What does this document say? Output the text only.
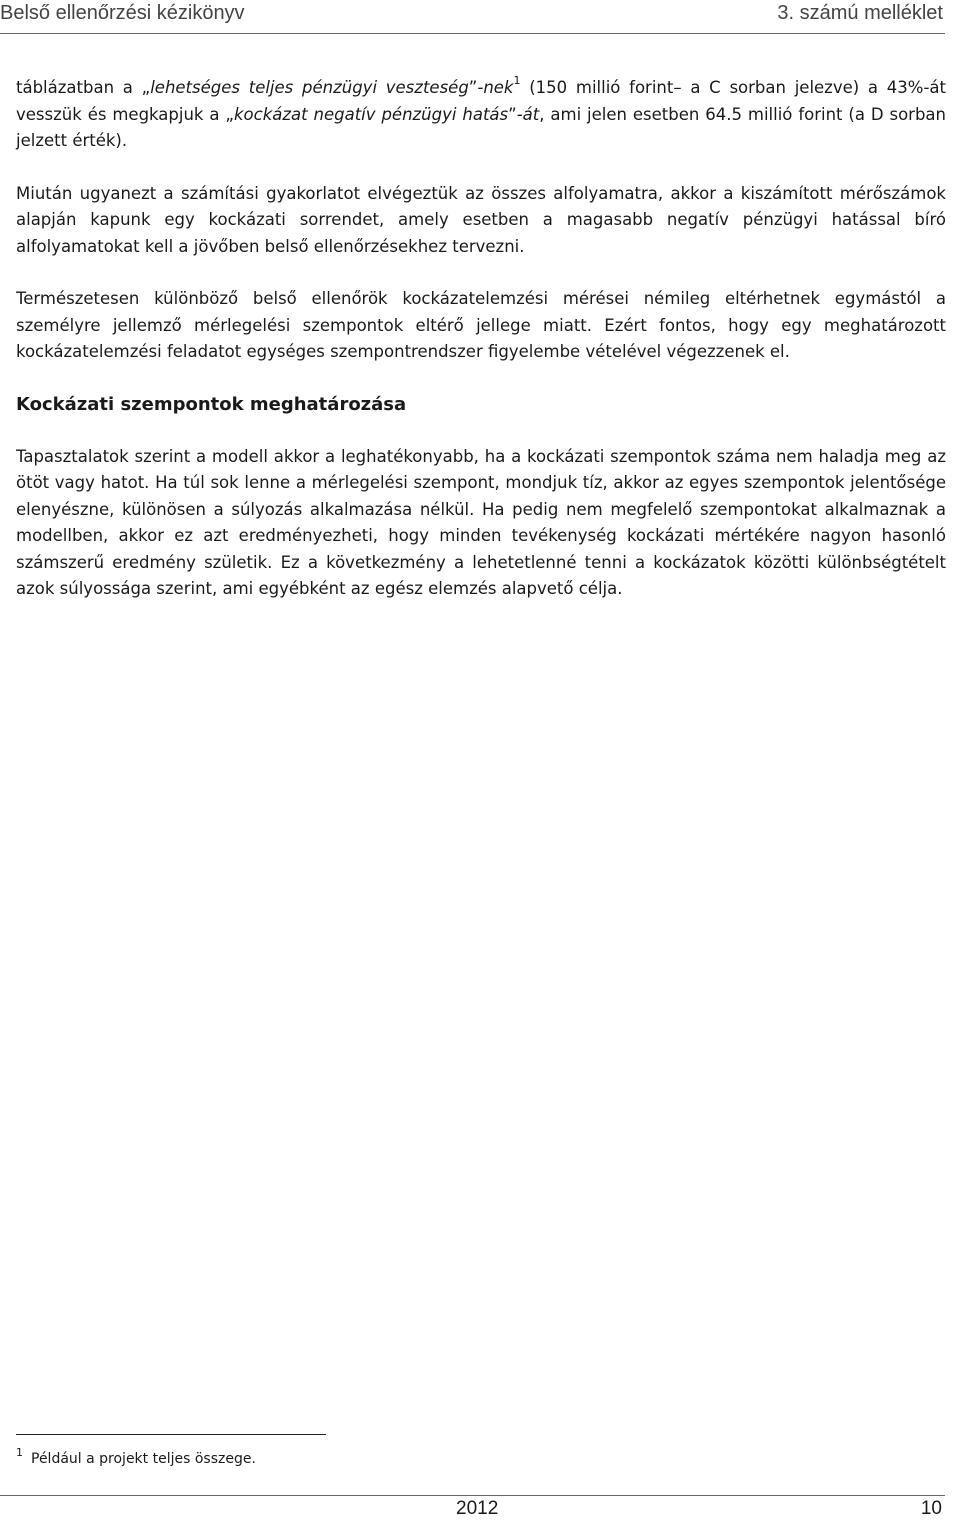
Belső ellenőrzési kézikönyv	3. számú melléklet

táblázatban a „lehetséges teljes pénzügyi veszteség”-nek$^1$ (150 millió forint– a C sorban jelezve) a 43%-át vesszük és megkapjuk a „kockázat negatív pénzügyi hatás”-át, ami jelen esetben 64.5 millió forint (a D sorban jelzett érték).

Miután ugyanezt a számítási gyakorlatot elvégeztük az összes alfolyamatra, akkor a kiszámított mérőszámok alapján kapunk egy kockázati sorrendet, amely esetben a magasabb negatív pénzügyi hatással bíró alfolyamatokat kell a jövőben belső ellenőrzésekhez tervezni.

Természetesen különböző belső ellenőrök kockázatelemzési mérései némileg eltérhetnek egymástól a személyre jellemző mérlegelési szempontok eltérő jellege miatt. Ezért fontos, hogy egy meghatározott kockázatelemzési feladatot egységes szempontrendszer figyelembe vételével végezzenek el.

Kockázati szempontok meghatározása

Tapasztalatok szerint a modell akkor a leghatékonyabb, ha a kockázati szempontok száma nem haladja meg az ötöt vagy hatot. Ha túl sok lenne a mérlegelési szempont, mondjuk tíz, akkor az egyes szempontok jelentősége elenyészne, különösen a súlyozás alkalmazása nélkül. Ha pedig nem megfelelő szempontokat alkalmaznak a modellben, akkor ez azt eredményezheti, hogy minden tevékenység kockázati mértékére nagyon hasonló számszerű eredmény születik. Ez a következmény a lehetetlenné tenni a kockázatok közötti különbségtételt azok súlyossága szerint, ami egyébként az egész elemzés alapvető célja.

$^1$ Például a projekt teljes összege.
2012	10
